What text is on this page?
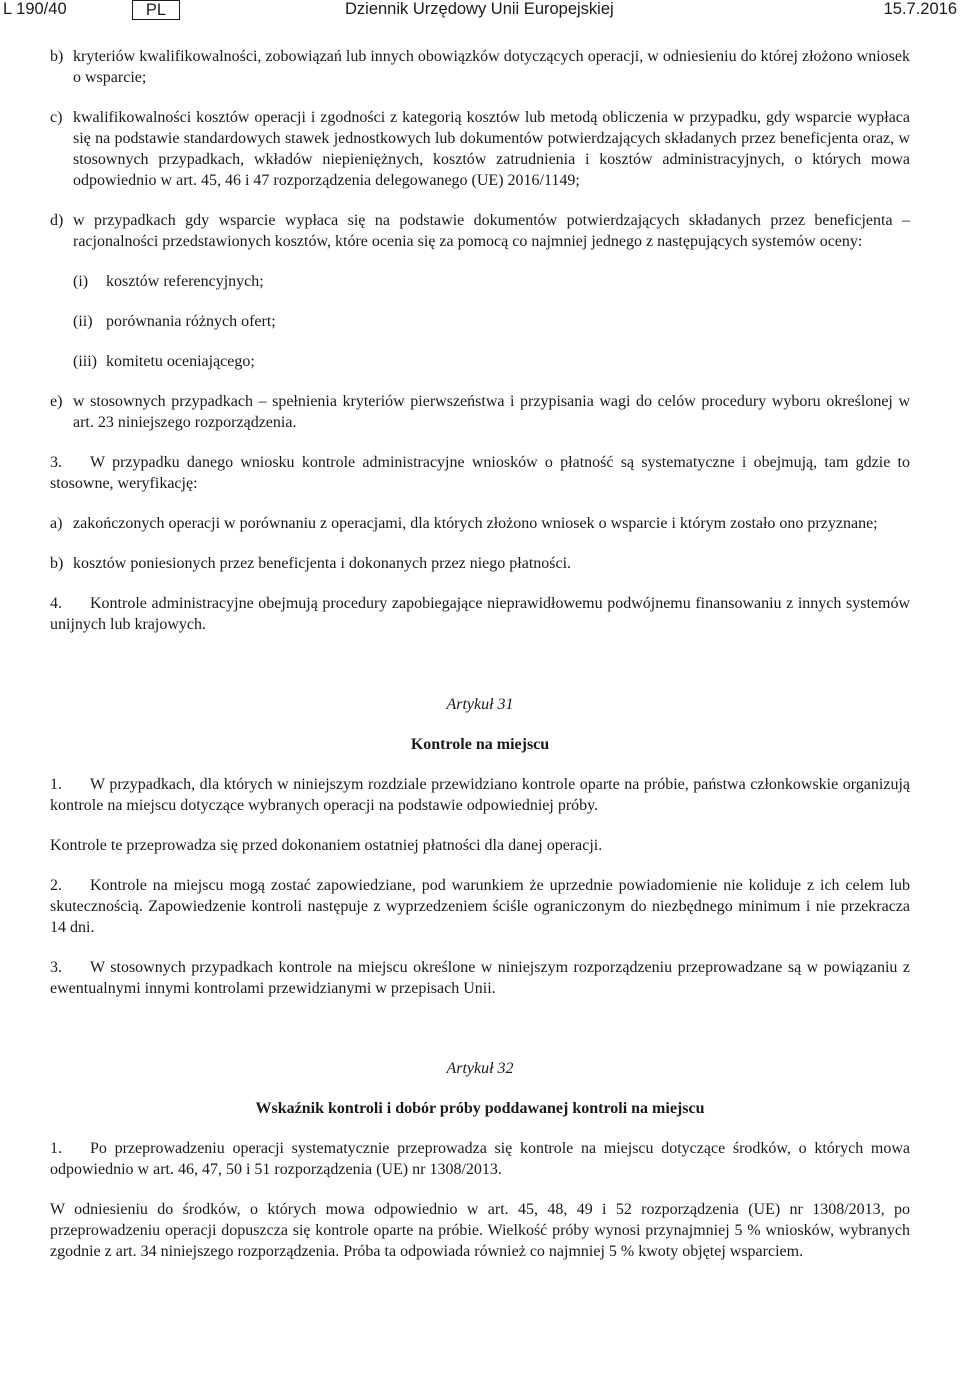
L 190/40	PL	Dziennik Urzędowy Unii Europejskiej	15.7.2016
b) kryteriów kwalifikowalności, zobowiązań lub innych obowiązków dotyczących operacji, w odniesieniu do której złożono wniosek o wsparcie;
c) kwalifikowalności kosztów operacji i zgodności z kategorią kosztów lub metodą obliczenia w przypadku, gdy wsparcie wypłaca się na podstawie standardowych stawek jednostkowych lub dokumentów potwierdzających składanych przez beneficjenta oraz, w stosownych przypadkach, wkładów niepieniężnych, kosztów zatrudnienia i kosztów administracyjnych, o których mowa odpowiednio w art. 45, 46 i 47 rozporządzenia delegowanego (UE) 2016/1149;
d) w przypadkach gdy wsparcie wypłaca się na podstawie dokumentów potwierdzających składanych przez beneficjenta – racjonalności przedstawionych kosztów, które ocenia się za pomocą co najmniej jednego z następujących systemów oceny:
(i)	kosztów referencyjnych;
(ii) porównania różnych ofert;
(iii) komitetu oceniającego;
e) w stosownych przypadkach – spełnienia kryteriów pierwszeństwa i przypisania wagi do celów procedury wyboru określonej w art. 23 niniejszego rozporządzenia.

3. W przypadku danego wniosku kontrole administracyjne wniosków o płatność są systematyczne i obejmują, tam gdzie to stosowne, weryfikację:

a) zakończonych operacji w porównaniu z operacjami, dla których złożono wniosek o wsparcie i którym zostało ono przyznane;
b) kosztów poniesionych przez beneficjenta i dokonanych przez niego płatności.

4. Kontrole administracyjne obejmują procedury zapobiegające nieprawidłowemu podwójnemu finansowaniu z innych systemów unijnych lub krajowych.

Artykuł 31
Kontrole na miejscu

1. W przypadkach, dla których w niniejszym rozdziale przewidziano kontrole oparte na próbie, państwa członkowskie organizują kontrole na miejscu dotyczące wybranych operacji na podstawie odpowiedniej próby.

Kontrole te przeprowadza się przed dokonaniem ostatniej płatności dla danej operacji.

2. Kontrole na miejscu mogą zostać zapowiedziane, pod warunkiem że uprzednie powiadomienie nie koliduje z ich celem lub skutecznością. Zapowiedzenie kontroli następuje z wyprzedzeniem ściśle ograniczonym do niezbędnego minimum i nie przekracza 14 dni.

3. W stosownych przypadkach kontrole na miejscu określone w niniejszym rozporządzeniu przeprowadzane są w powiązaniu z ewentualnymi innymi kontrolami przewidzianymi w przepisach Unii.

Artykuł 32
Wskaźnik kontroli i dobór próby poddawanej kontroli na miejscu

1. Po przeprowadzeniu operacji systematycznie przeprowadza się kontrole na miejscu dotyczące środków, o których mowa odpowiednio w art. 46, 47, 50 i 51 rozporządzenia (UE) nr 1308/2013.

W odniesieniu do środków, o których mowa odpowiednio w art. 45, 48, 49 i 52 rozporządzenia (UE) nr 1308/2013, po przeprowadzeniu operacji dopuszcza się kontrole oparte na próbie. Wielkość próby wynosi przynajmniej 5 % wniosków, wybranych zgodnie z art. 34 niniejszego rozporządzenia. Próba ta odpowiada również co najmniej 5 % kwoty objętej wsparciem.
